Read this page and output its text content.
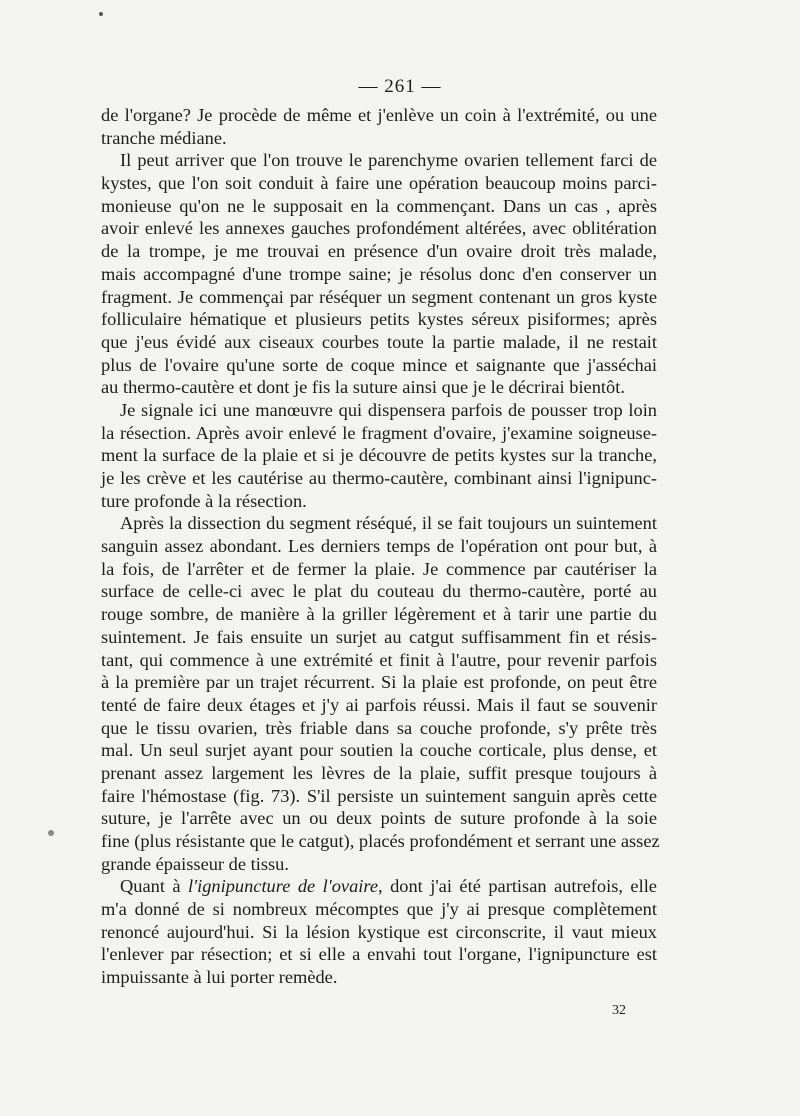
— 261 —
de l'organe? Je procède de même et j'enlève un coin à l'extrémité, ou une
tranche médiane.
Il peut arriver que l'on trouve le parenchyme ovarien tellement farci de
kystes, que l'on soit conduit à faire une opération beaucoup moins parci-
monieuse qu'on ne le supposait en la commençant. Dans un cas , après
avoir enlevé les annexes gauches profondément altérées, avec oblitération
de la trompe, je me trouvai en présence d'un ovaire droit très malade,
mais accompagné d'une trompe saine; je résolus donc d'en conserver un
fragment. Je commençai par réséquer un segment contenant un gros kyste
folliculaire hématique et plusieurs petits kystes séreux pisiformes; après
que j'eus évidé aux ciseaux courbes toute la partie malade, il ne restait
plus de l'ovaire qu'une sorte de coque mince et saignante que j'asséchai
au thermo-cautère et dont je fis la suture ainsi que je le décrirai bientôt.
Je signale ici une manœuvre qui dispensera parfois de pousser trop loin
la résection. Après avoir enlevé le fragment d'ovaire, j'examine soigneuse-
ment la surface de la plaie et si je découvre de petits kystes sur la tranche,
je les crève et les cautérise au thermo-cautère, combinant ainsi l'ignipunc-
ture profonde à la résection.
Après la dissection du segment réséqué, il se fait toujours un suintement
sanguin assez abondant. Les derniers temps de l'opération ont pour but, à
la fois, de l'arrêter et de fermer la plaie. Je commence par cautériser la
surface de celle-ci avec le plat du couteau du thermo-cautère, porté au
rouge sombre, de manière à la griller légèrement et à tarir une partie du
suintement. Je fais ensuite un surjet au catgut suffisamment fin et résis-
tant, qui commence à une extrémité et finit à l'autre, pour revenir parfois
à la première par un trajet récurrent. Si la plaie est profonde, on peut être
tenté de faire deux étages et j'y ai parfois réussi. Mais il faut se souvenir
que le tissu ovarien, très friable dans sa couche profonde, s'y prête très
mal. Un seul surjet ayant pour soutien la couche corticale, plus dense, et
prenant assez largement les lèvres de la plaie, suffit presque toujours à
faire l'hémostase (fig. 73). S'il persiste un suintement sanguin après cette
suture, je l'arrête avec un ou deux points de suture profonde à la soie
fine (plus résistante que le catgut), placés profondément et serrant une assez
grande épaisseur de tissu.
Quant à l'ignipuncture de l'ovaire, dont j'ai été partisan autrefois, elle
m'a donné de si nombreux mécomptes que j'y ai presque complètement
renoncé aujourd'hui. Si la lésion kystique est circonscrite, il vaut mieux
l'enlever par résection; et si elle a envahi tout l'organe, l'ignipuncture est
impuissante à lui porter remède.
32
